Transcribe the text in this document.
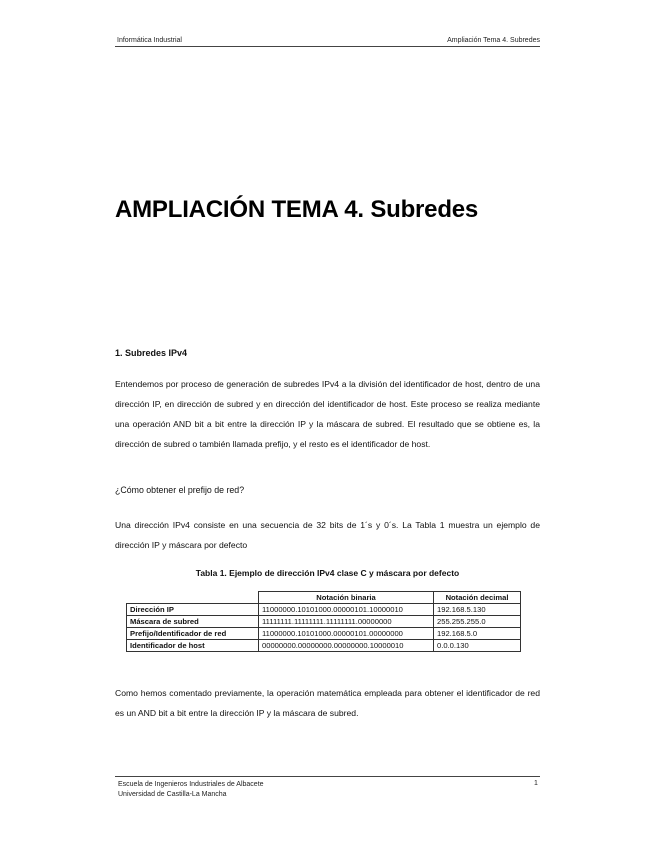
Informática Industrial	Ampliación Tema 4. Subredes
AMPLIACIÓN TEMA 4. Subredes
1. Subredes IPv4
Entendemos por proceso de generación de subredes IPv4 a la división del identificador de host, dentro de una dirección IP, en dirección de subred y en dirección del identificador de host. Este proceso se realiza mediante una operación AND bit a bit entre la dirección IP y la máscara de subred. El resultado que se obtiene es, la dirección de subred o también llamada prefijo, y el resto es el identificador de host.
¿Cómo obtener el prefijo de red?
Una dirección IPv4 consiste en una secuencia de 32 bits de 1´s y 0´s. La Tabla 1 muestra un ejemplo de dirección IP y máscara por defecto
Tabla 1. Ejemplo de dirección IPv4 clase C y máscara por defecto
	Notación binaria	Notación decimal
Dirección IP	11000000.10101000.00000101.10000010	192.168.5.130
Máscara de subred	11111111.11111111.11111111.00000000	255.255.255.0
Prefijo/Identificador de red	11000000.10101000.00000101.00000000	192.168.5.0
Identificador de host	00000000.00000000.00000000.10000010	0.0.0.130
Como hemos comentado previamente, la operación matemática empleada para obtener el identificador de red es un AND bit a bit entre la dirección IP y la máscara de subred.
Escuela de Ingenieros Industriales de Albacete
Universidad de Castilla-La Mancha
1
